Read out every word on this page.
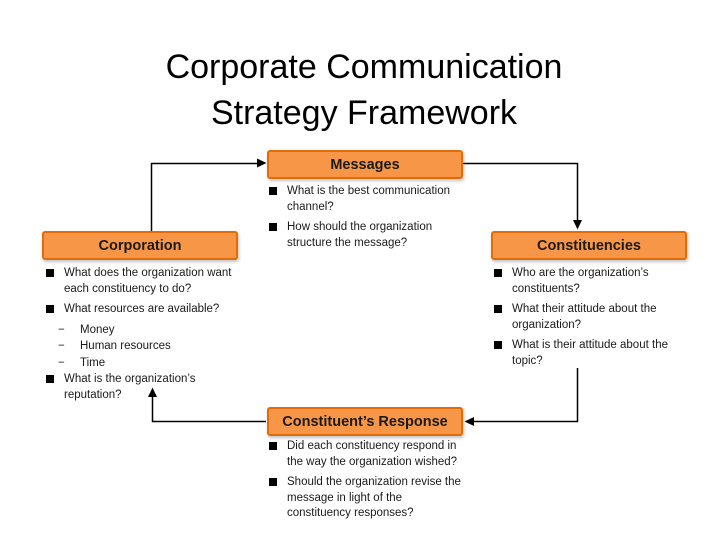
Corporate Communication
Strategy Framework
Messages
What is the best communication channel?
How should the organization structure the message?
Corporation
What does the organization want each constituency to do?
What resources are available?
− Money
− Human resources
− Time
What is the organization’s reputation?
Constituencies
Who are the organization’s constituents?
What their attitude about the organization?
What is their attitude about the topic?
Constituent’s Response
Did each constituency respond in the way the organization wished?
Should the organization revise the message in light of the constituency responses?
